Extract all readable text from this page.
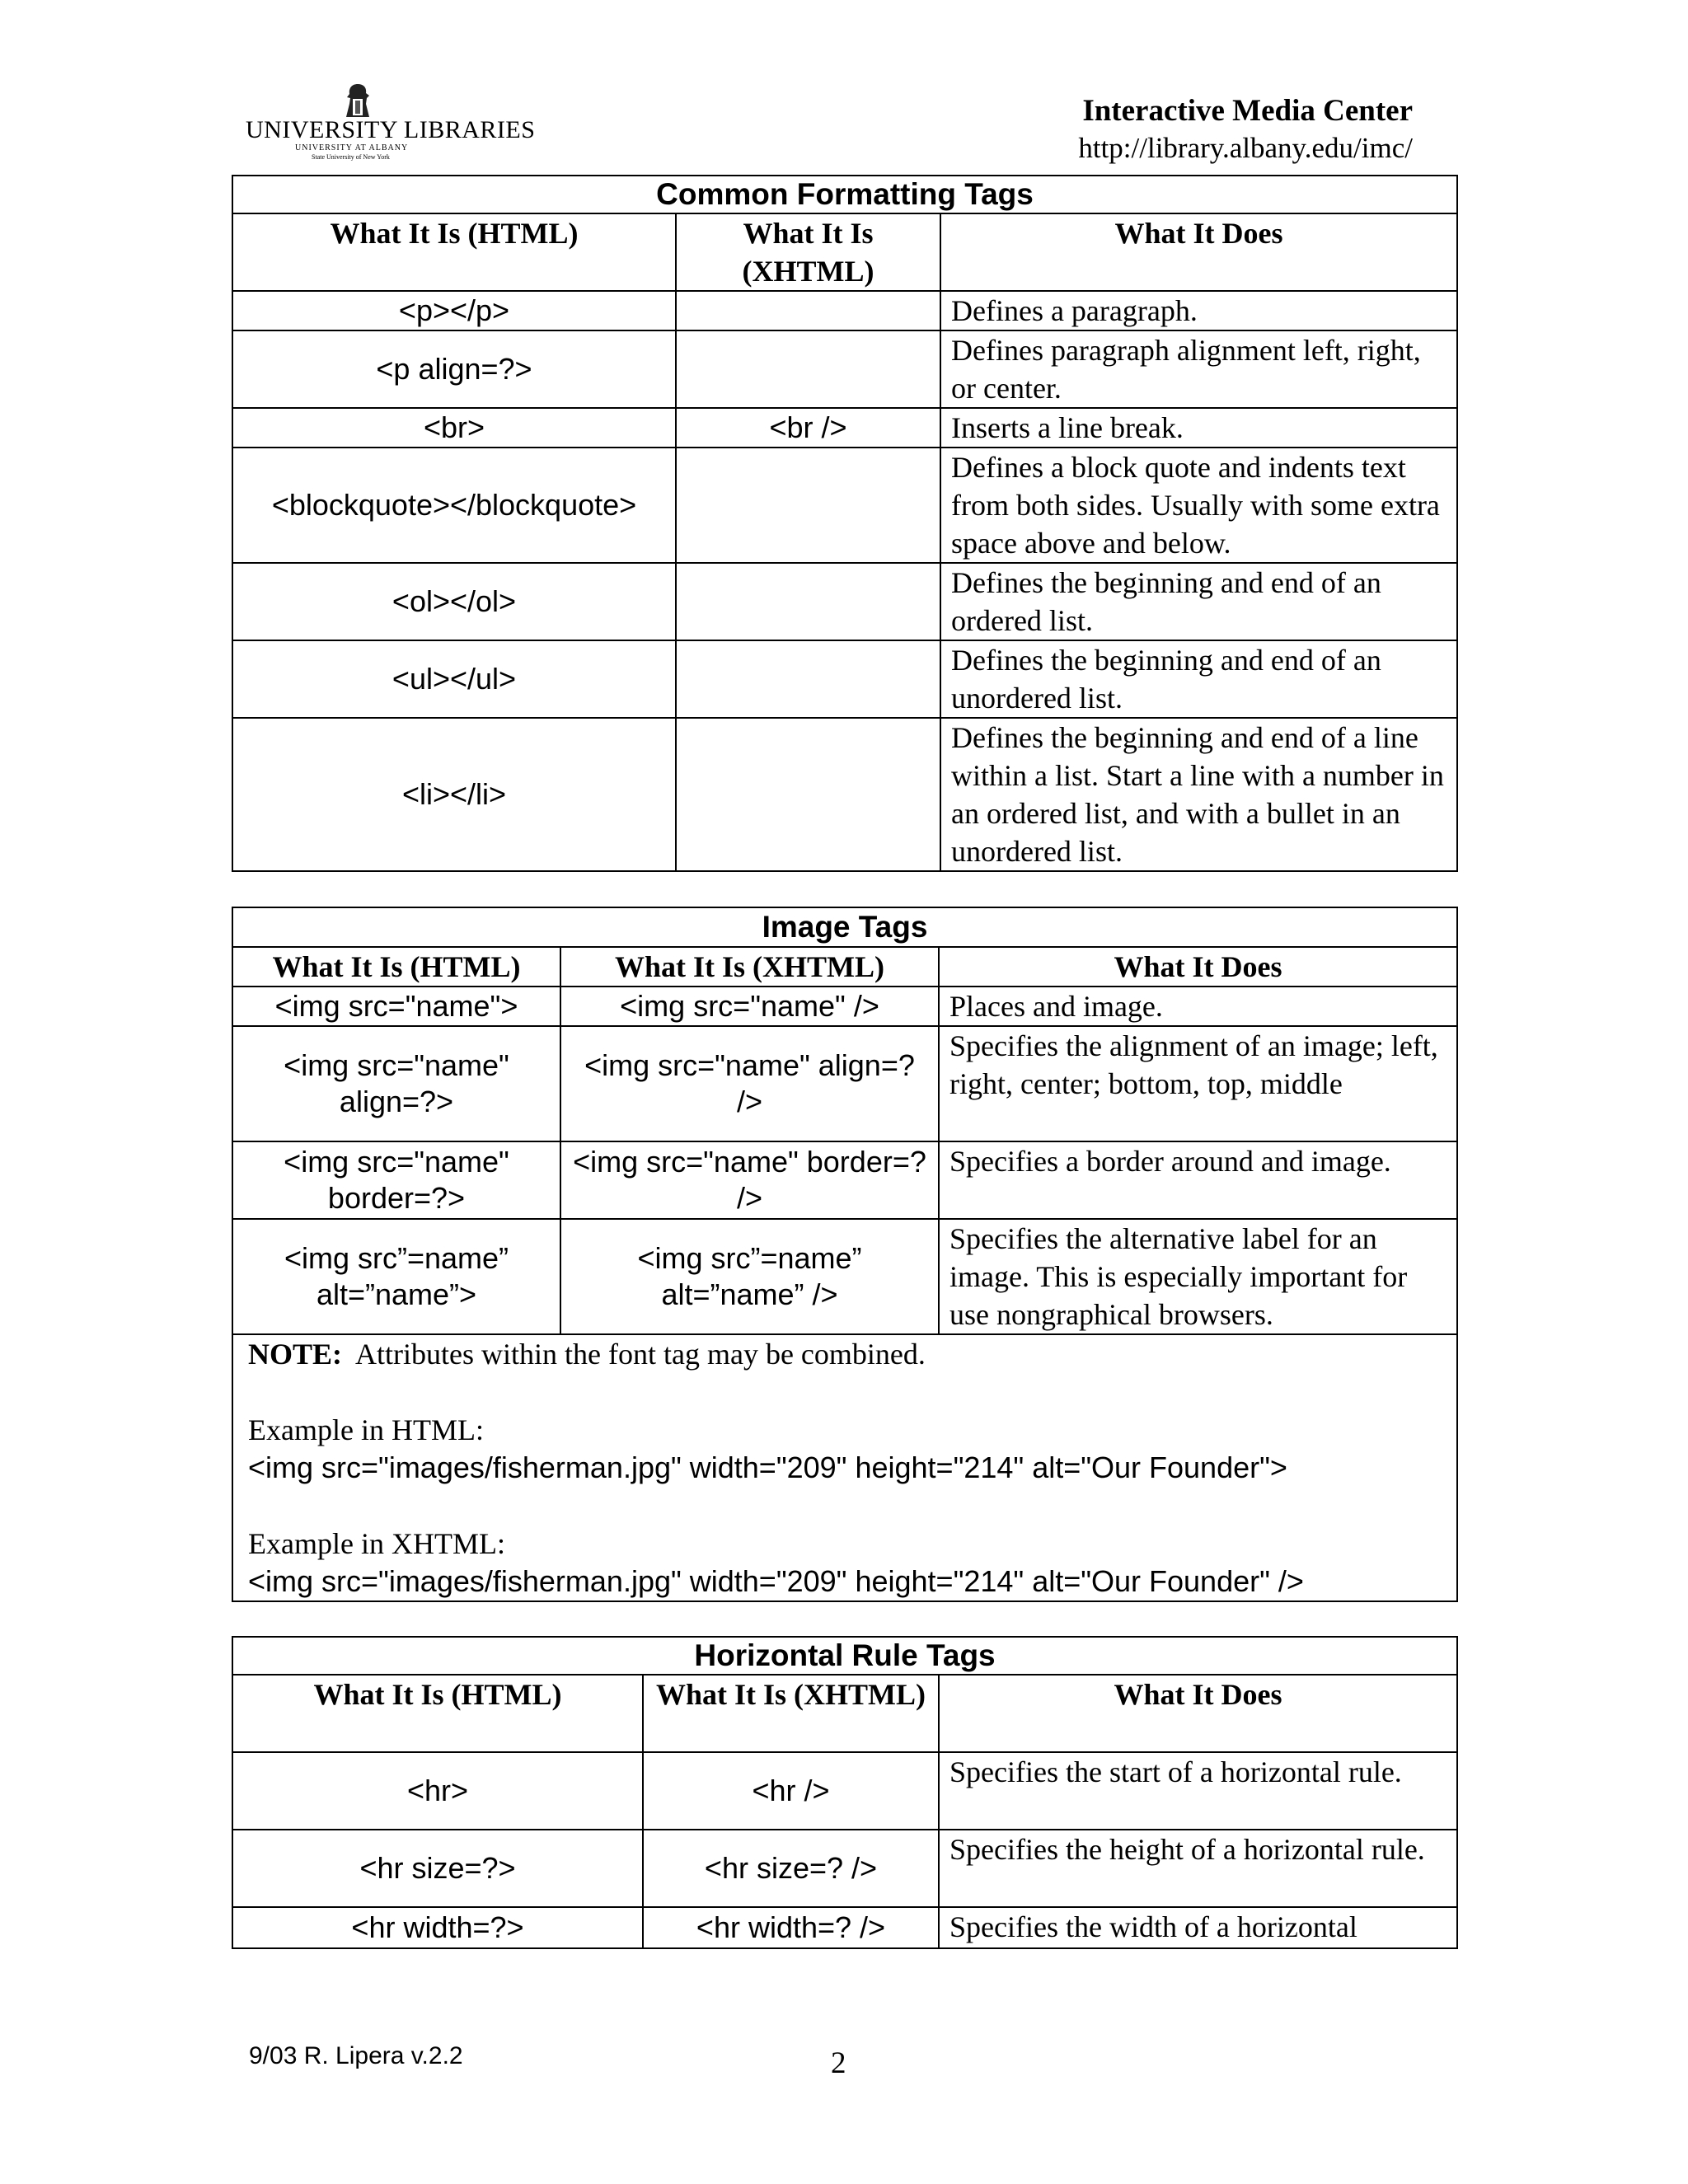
UNIVERSITY LIBRARIES
UNIVERSITY AT ALBANY
State University of New York
Interactive Media Center
http://library.albany.edu/imc/
Common Formatting Tags		
What It Is (HTML)	What It Is (XHTML)	What It Does
<p></p>		Defines a paragraph.
<p align=?>		Defines paragraph alignment left, right, or center.
<br>	<br />	Inserts a line break.
<blockquote></blockquote>		Defines a block quote and indents text from both sides. Usually with some extra space above and below.
<ol></ol>		Defines the beginning and end of an ordered list.
<ul></ul>		Defines the beginning and end of an unordered list.
<li></li>		Defines the beginning and end of a line within a list. Start a line with a number in an ordered list, and with a bullet in an unordered list.
Image Tags		
What It Is (HTML)	What It Is (XHTML)	What It Does
<img src="name">	<img src="name" />	Places and image.
<img src="name" align=?>	<img src="name" align=? />	Specifies the alignment of an image; left, right, center; bottom, top, middle
<img src="name" border=?>	<img src="name" border=? />	Specifies a border around and image.
<img src”=name” alt=”name”>	<img src”=name” alt=”name” />	Specifies the alternative label for an image. This is especially important for use nongraphical browsers.

NOTE:  Attributes within the font tag may be combined.
Example in HTML:
<img src="images/fisherman.jpg" width="209" height="214" alt="Our Founder">
Example in XHTML:
<img src="images/fisherman.jpg" width="209" height="214" alt="Our Founder" />		
Horizontal Rule Tags		
What It Is (HTML)	What It Is (XHTML)	What It Does
<hr>	<hr />	Specifies the start of a horizontal rule.
<hr size=?>	<hr size=? />	Specifies the height of a horizontal rule.
<hr width=?>	<hr width=? />	Specifies the width of a horizontal
9/03 R. Lipera v.2.2	2
